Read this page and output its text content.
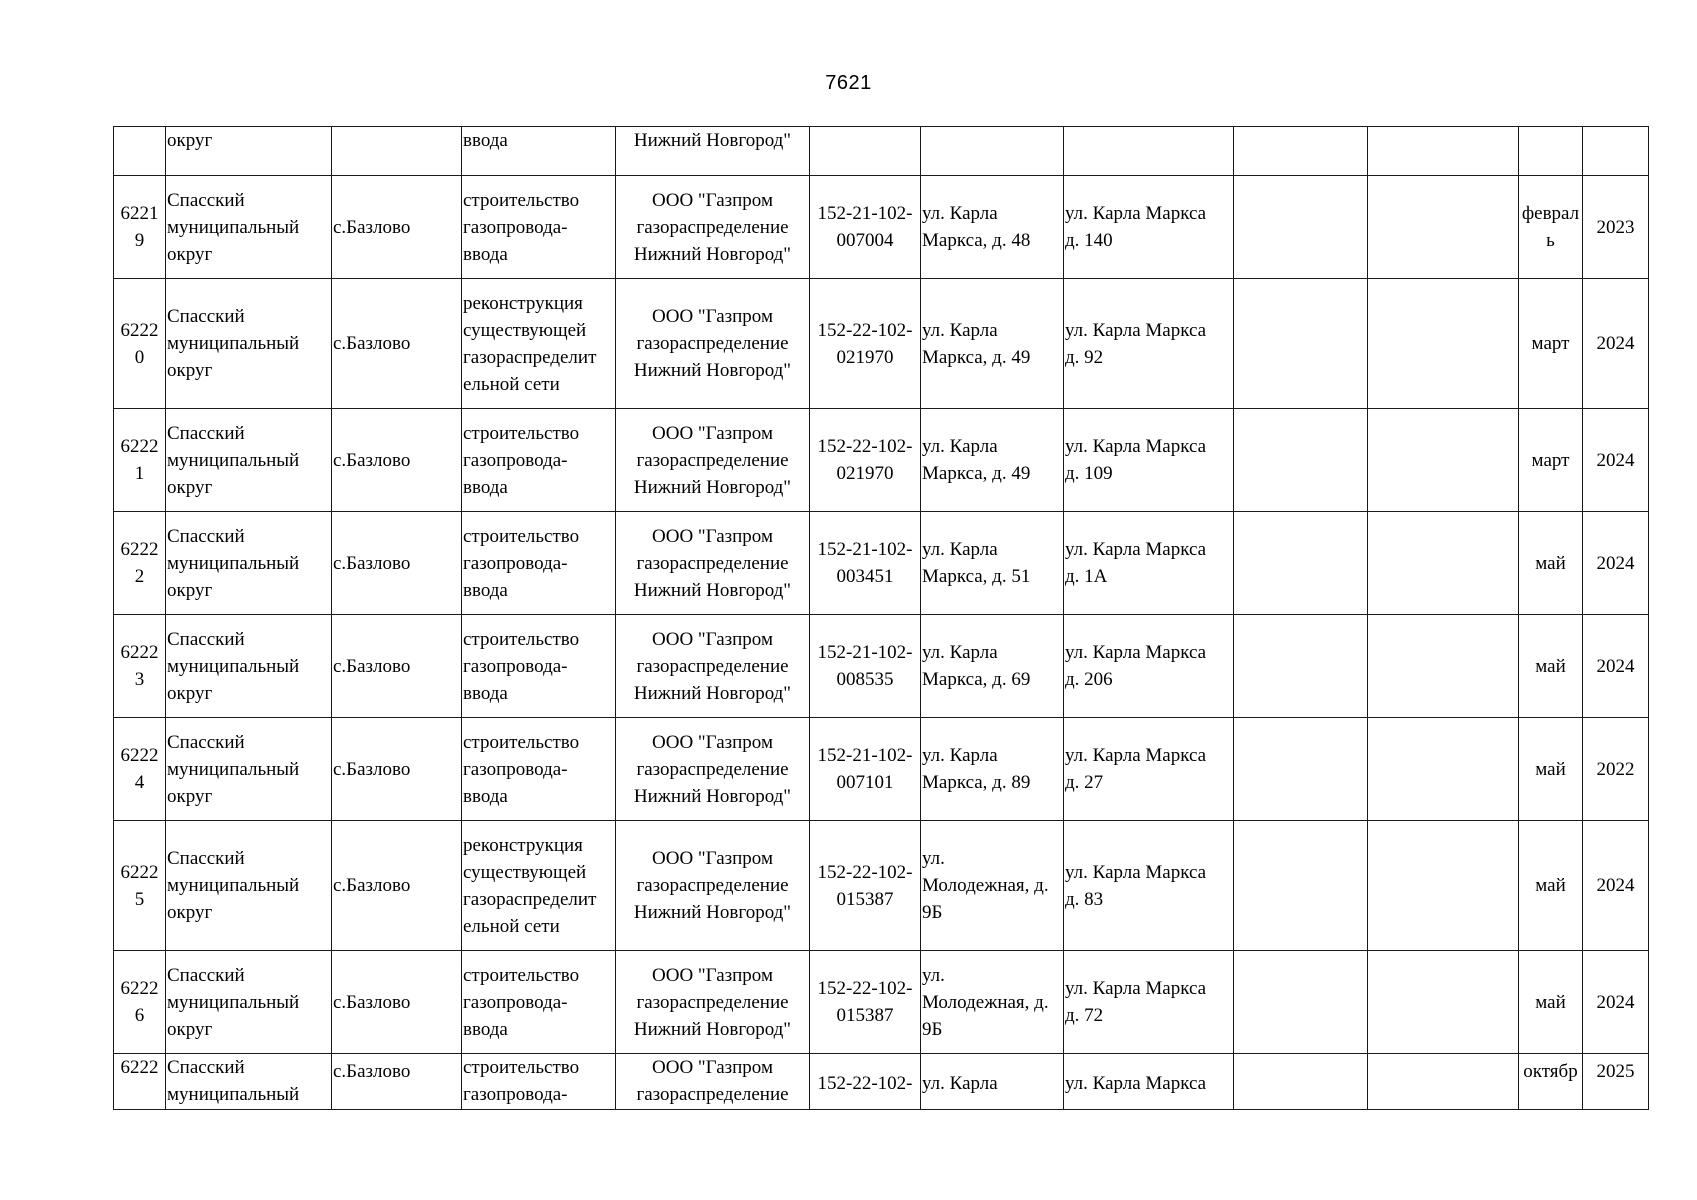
7621

	округ		ввода	Нижний Новгород"							

6221
9	Спасский
муниципальный
округ	с.Базлово	строительство
газопровода-
ввода	ООО "Газпром
газораспределение
Нижний Новгород"	152-21-102-
007004	ул. Карла
Маркса, д. 48	ул. Карла Маркса
д. 140			феврал
ь	2023

6222
0	Спасский
муниципальный
округ	с.Базлово	реконструкция
существующей
газораспределит
ельной сети	ООО "Газпром
газораспределение
Нижний Новгород"	152-22-102-
021970	ул. Карла
Маркса, д. 49	ул. Карла Маркса
д. 92			март	2024

6222
1	Спасский
муниципальный
округ	с.Базлово	строительство
газопровода-
ввода	ООО "Газпром
газораспределение
Нижний Новгород"	152-22-102-
021970	ул. Карла
Маркса, д. 49	ул. Карла Маркса
д. 109			март	2024

6222
2	Спасский
муниципальный
округ	с.Базлово	строительство
газопровода-
ввода	ООО "Газпром
газораспределение
Нижний Новгород"	152-21-102-
003451	ул. Карла
Маркса, д. 51	ул. Карла Маркса
д. 1А			май	2024

6222
3	Спасский
муниципальный
округ	с.Базлово	строительство
газопровода-
ввода	ООО "Газпром
газораспределение
Нижний Новгород"	152-21-102-
008535	ул. Карла
Маркса, д. 69	ул. Карла Маркса
д. 206			май	2024

6222
4	Спасский
муниципальный
округ	с.Базлово	строительство
газопровода-
ввода	ООО "Газпром
газораспределение
Нижний Новгород"	152-21-102-
007101	ул. Карла
Маркса, д. 89	ул. Карла Маркса
д. 27			май	2022

6222
5	Спасский
муниципальный
округ	с.Базлово	реконструкция
существующей
газораспределит
ельной сети	ООО "Газпром
газораспределение
Нижний Новгород"	152-22-102-
015387	ул.
Молодежная, д.
9Б	ул. Карла Маркса
д. 83			май	2024

6222
6	Спасский
муниципальный
округ	с.Базлово	строительство
газопровода-
ввода	ООО "Газпром
газораспределение
Нижний Новгород"	152-22-102-
015387	ул.
Молодежная, д.
9Б	ул. Карла Маркса
д. 72			май	2024

6222	Спасский
муниципальный	с.Базлово	строительство
газопровода-	ООО "Газпром
газораспределение	152-22-102-	ул. Карла	ул. Карла Маркса			октябр	2025
